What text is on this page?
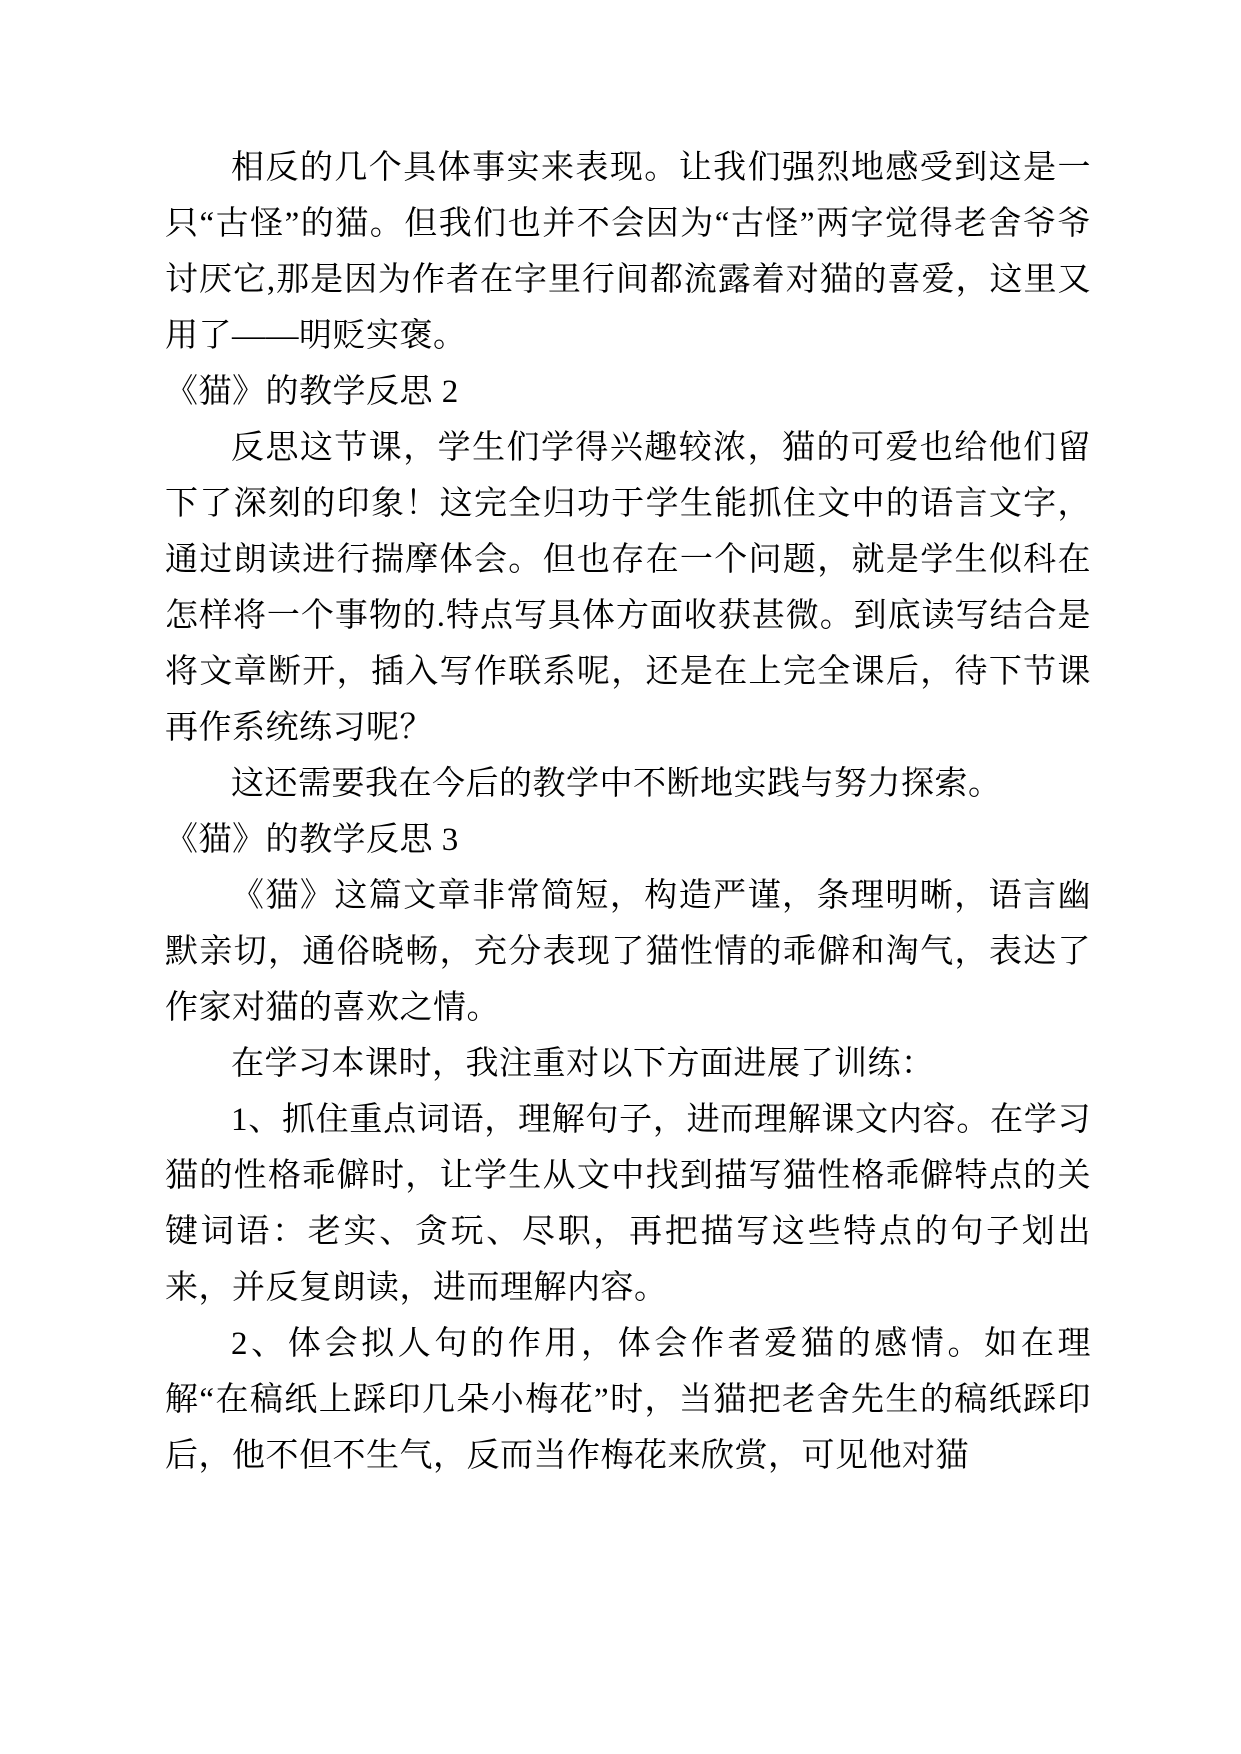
相反的几个具体事实来表现。让我们强烈地感受到这是一只“古怪”的猫。但我们也并不会因为“古怪”两字觉得老舍爷爷讨厌它,那是因为作者在字里行间都流露着对猫的喜爱，这里又用了——明贬实褒。

《猫》的教学反思 2

反思这节课，学生们学得兴趣较浓，猫的可爱也给他们留下了深刻的印象！这完全归功于学生能抓住文中的语言文字，通过朗读进行揣摩体会。但也存在一个问题，就是学生似科在怎样将一个事物的.特点写具体方面收获甚微。到底读写结合是将文章断开，插入写作联系呢，还是在上完全课后，待下节课再作系统练习呢？

这还需要我在今后的教学中不断地实践与努力探索。

《猫》的教学反思 3

《猫》这篇文章非常简短，构造严谨，条理明晰，语言幽默亲切，通俗晓畅，充分表现了猫性情的乖僻和淘气，表达了作家对猫的喜欢之情。

在学习本课时，我注重对以下方面进展了训练：

1、抓住重点词语，理解句子，进而理解课文内容。在学习猫的性格乖僻时，让学生从文中找到描写猫性格乖僻特点的关键词语：老实、贪玩、尽职，再把描写这些特点的句子划出来，并反复朗读，进而理解内容。

2、体会拟人句的作用，体会作者爱猫的感情。如在理解“在稿纸上踩印几朵小梅花”时，当猫把老舍先生的稿纸踩印后，他不但不生气，反而当作梅花来欣赏，可见他对猫
